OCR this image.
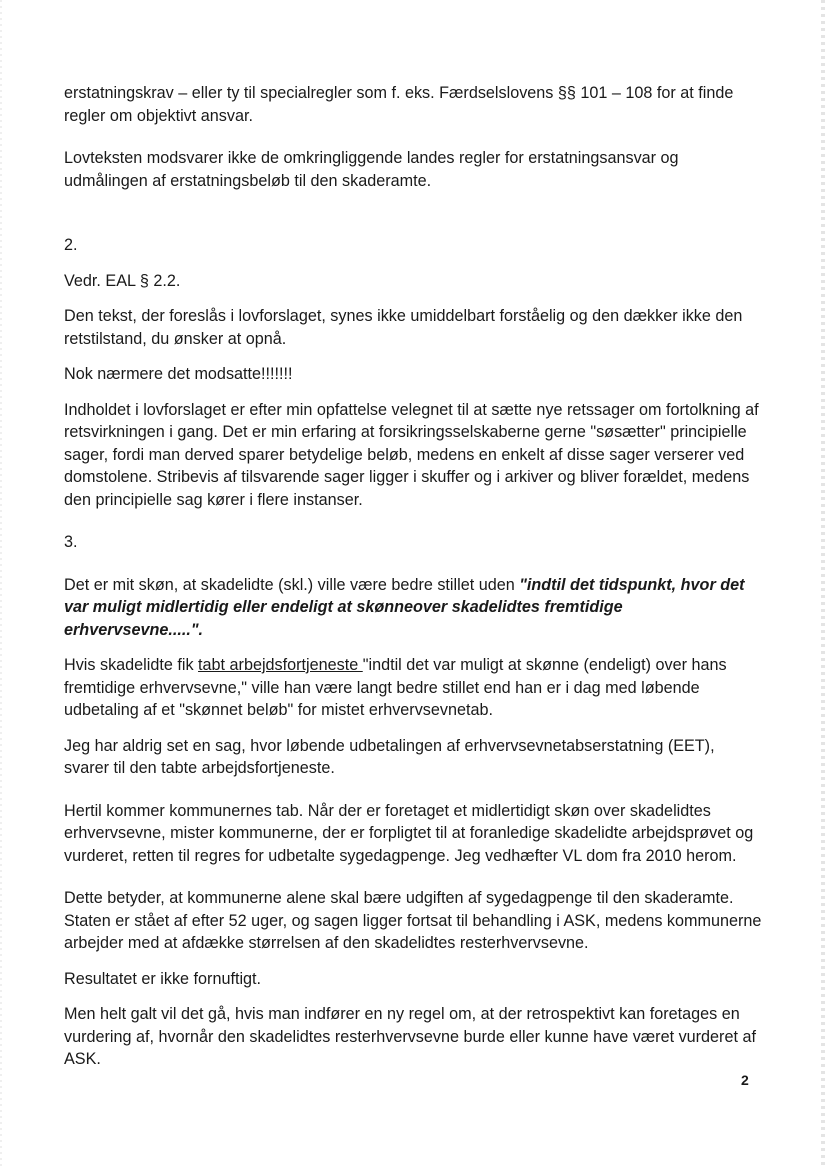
erstatningskrav – eller ty til specialregler som f. eks. Færdselslovens §§ 101 – 108 for at finde regler om objektivt ansvar.

Lovteksten modsvarer ikke de omkringliggende landes regler for erstatningsansvar og udmålingen af erstatningsbeløb til den skaderamte.

2.

Vedr. EAL § 2.2.

Den tekst, der foreslås i lovforslaget, synes ikke umiddelbart forståelig og den dækker ikke den retstilstand, du ønsker at opnå.

Nok nærmere det modsatte!!!!!!!

Indholdet i lovforslaget er efter min opfattelse velegnet til at sætte nye retssager om fortolkning af retsvirkningen i gang. Det er min erfaring at forsikringsselskaberne gerne "søsætter" principielle sager, fordi man derved sparer betydelige beløb, medens en enkelt af disse sager verserer ved domstolene. Stribevis af tilsvarende sager ligger i skuffer og i arkiver og bliver forældet, medens den principielle sag kører i flere instanser.

3.

Det er mit skøn, at skadelidte (skl.) ville være bedre stillet uden "indtil det tidspunkt, hvor det var muligt midlertidig eller endeligt at skønneover skadelidtes fremtidige erhvervsevne.....".

Hvis skadelidte fik tabt arbejdsfortjeneste "indtil det var muligt at skønne (endeligt) over hans fremtidige erhvervsevne," ville han være langt bedre stillet end han er i dag med løbende udbetaling af et "skønnet beløb" for mistet erhvervsevnetab.

Jeg har aldrig set en sag, hvor løbende udbetalingen af erhvervsevnetabserstatning (EET), svarer til den tabte arbejdsfortjeneste.

Hertil kommer kommunernes tab. Når der er foretaget et midlertidigt skøn over skadelidtes erhvervsevne, mister kommunerne, der er forpligtet til at foranledige skadelidte arbejdsprøvet og vurderet, retten til regres for udbetalte sygedagpenge. Jeg vedhæfter VL dom fra 2010 herom.

Dette betyder, at kommunerne alene skal bære udgiften af sygedagpenge til den skaderamte. Staten er stået af efter 52 uger, og sagen ligger fortsat til behandling i ASK, medens kommunerne arbejder med at afdække størrelsen af den skadelidtes resterhvervsevne.

Resultatet er ikke fornuftigt.

Men helt galt vil det gå, hvis man indfører en ny regel om, at der retrospektivt kan foretages en vurdering af, hvornår den skadelidtes resterhvervsevne burde eller kunne have været vurderet af ASK.

2
